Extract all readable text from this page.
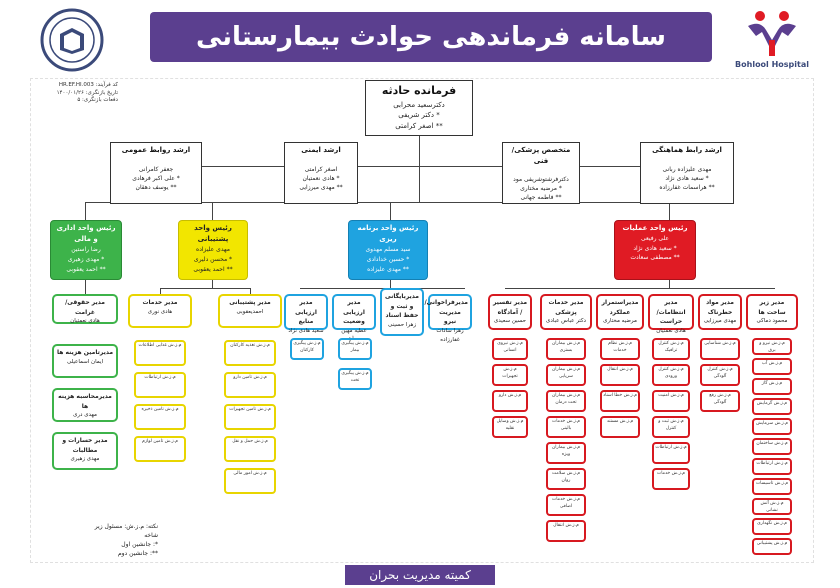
سامانه فرماندهی حوادث بیمارستانی
Bohlool Hospital
کد فرآیند: HR.EF.HI.003
تاریخ بازنگری: ۱۴۰۰/۰۱/۲۶
دفعات بازنگری: ۵
فرمانده حادثه
دکترسعید محرابی
* دکتر شریفی
** اصغر کرامتی
ارشد روابط عمومی

جعفر کامرانی
* علی اکبر فرهادی
** یوسف دهقان
ارشد ایمنی

اصغر کرامتی
* هادی نعمتیان
** مهدی میرزایی
متخصص پزشکی/ فنی

دکترفرشتوشریفی مود
* مرضیه مختاری
** فاطمه جهانی
ارشد رابط هماهنگی

مهدی علیزاده ربانی
* سعید هادی نژاد
** هراسمات غفارزاده
رئیس واحد اداری و مالی
رضا راستین
* مهدی زهیری
** احمد یعقوبی
رئیس واحد پشتیبانی
مهدی علیزاده
* محسن دلیری
** احمد یعقوبی
رئیس واحد برنامه ریزی
سید مسلم مهدوی
* حسین خدادادی
** مهدی علیزاده
رئیس واحد عملیات
علی رفیعی
* سعید هادی نژاد
** مصطفی سعادت
مدیر حقوقی/غرامت
هادی نعمتیان
مدیرتامین هزینه ها
ایمان اسماعیلی
مدیرمحاسبه هزینه ها
مهدی دری
مدیر خسارات و مطالبات
مهدی زهیری
مدیر خدمات
هادی نوری
مدیر پشتیبانی
احمدیعقوبی
م.ز.ش غذایی اطلاعات
م.ز.ش ارتباطات
م.ز.ش تامین ذخیره
م.ز.ش تامین لوازم
م.ز.ش تغذیه کارکنان
م.ز.ش تامین دارو
م.ز.ش تامین تجهیزات
م.ز.ش حمل و نقل
م.ز.ش امور مالی
مدیر ارزیابی منابع
سعید هادی نژاد
مدیر ارزیابی وضعیت
عطیه مهین
مدیربایگانی و ثبت و حفظ اسناد
زهرا حسینی
مدیرفراخوانی/مدیریت نیرو
زهرا سادات غفارزاده
م.ز.ش پیگیری کارکنان
م.ز.ش پیگیری بیمار
م.ز.ش پیگیری تخت
مدیر تفسیر / آمادگاه
حسین سعیدی
مدیر خدمات پزشکی
دکتر عباس عبادی
مدیراستمرار عملکرد
مرضیه مختاری
مدیر انتظامات/حراست
هادی نعمتیان
مدیر مواد خطرناک
مهدی میرزایی
مدیر زیر ساخت ها
محمود دماکی
م.ز.ش نیروی انسانی
م.ز.ش تجهیزات
م.ز.ش دارو
م.ز.ش وسایل نقلیه
م.ز.ش بیماران بستری
م.ز.ش بیماران سرپایی
م.ز.ش بیماران تحت درمان
م.ز.ش خدمات بالینی
م.ز.ش بیماران ویژه
م.ز.ش سلامت روان
م.ز.ش خدمات اضافی
م.ز.ش انتقال
م.ز.ش نظام خدمات
م.ز.ش انتقال
م.ز.ش خطا اسناد
م.ز.ش مستند
م.ز.ش کنترل ترافیک
م.ز.ش کنترل ورودی
م.ز.ش امنیت
م.ز.ش ثبت و کنترل
م.ز.ش ارتباطات
م.ز.ش خدمات
م.ز.ش شناسایی
م.ز.ش کنترل آلودگی
م.ز.ش رفع آلودگی
م.ز.ش نیرو و برق
م.ز.ش آب
م.ز.ش گاز
م.ز.ش گرمایش
م.ز.ش سرمایش
م.ز.ش ساختمان
م.ز.ش ارتباطات
م.ز.ش تاسیسات
م.ز.ش آتش نشانی
م.ز.ش نگهداری
م.ز.ش پشتیبانی
نکته: م.ز.ش: مسئول زیر شاخه
*: جانشین اول
**: جانشین دوم
کمیته مدیریت بحران
